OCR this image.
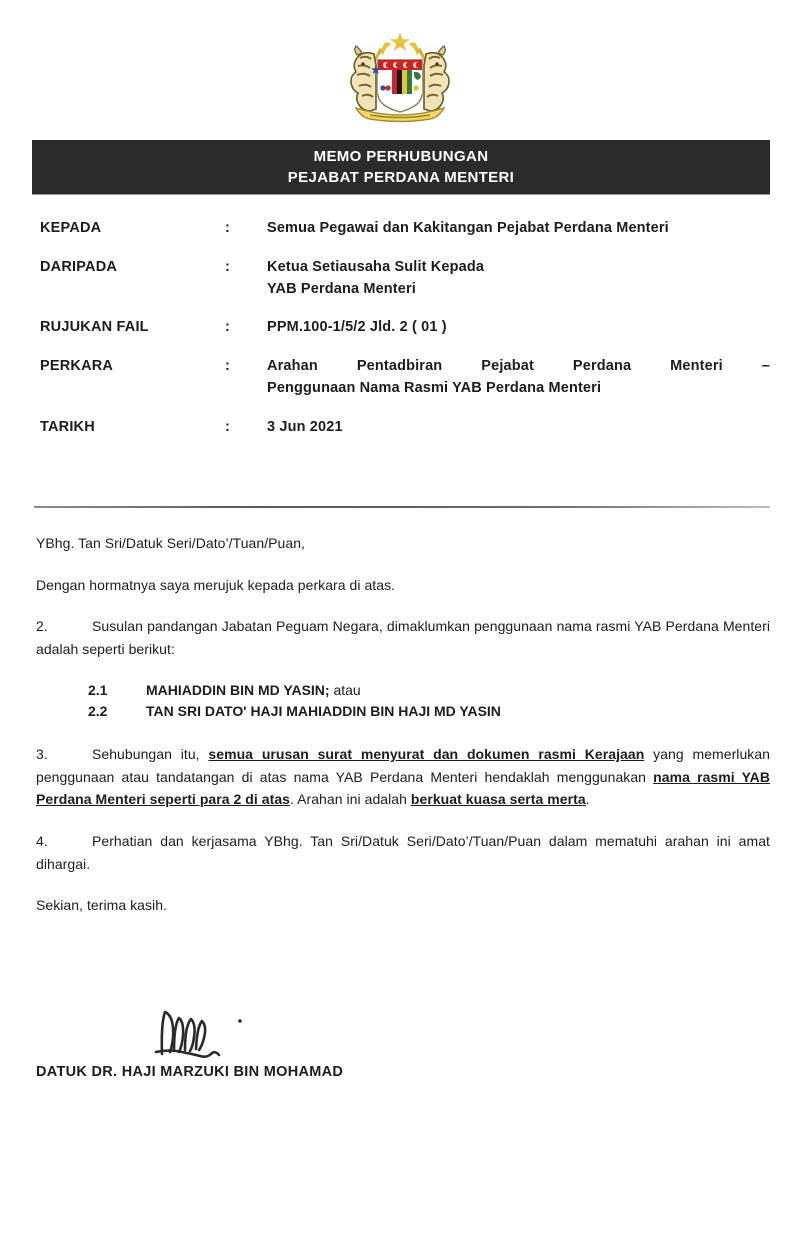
MEMO PERHUBUNGAN
PEJABAT PERDANA MENTERI
KEPADA	:	Semua Pegawai dan Kakitangan Pejabat Perdana Menteri
DARIPADA	:	Ketua Setiausaha Sulit Kepada
YAB Perdana Menteri
RUJUKAN FAIL	:	PPM.100-1/5/2 Jld. 2 ( 01 )
PERKARA	:	Arahan Pentadbiran Pejabat Perdana Menteri –
Penggunaan Nama Rasmi YAB Perdana Menteri
TARIKH	:	3 Jun 2021

YBhg. Tan Sri/Datuk Seri/Dato’/Tuan/Puan,

Dengan hormatnya saya merujuk kepada perkara di atas.

2.	Susulan pandangan Jabatan Peguam Negara, dimaklumkan penggunaan nama rasmi YAB Perdana Menteri adalah seperti berikut:

2.1	MAHIADDIN BIN MD YASIN; atau
2.2	TAN SRI DATO' HAJI MAHIADDIN BIN HAJI MD YASIN

3.	Sehubungan itu, semua urusan surat menyurat dan dokumen rasmi Kerajaan yang memerlukan penggunaan atau tandatangan di atas nama YAB Perdana Menteri hendaklah menggunakan nama rasmi YAB Perdana Menteri seperti para 2 di atas. Arahan ini adalah berkuat kuasa serta merta.

4.	Perhatian dan kerjasama YBhg. Tan Sri/Datuk Seri/Dato’/Tuan/Puan dalam mematuhi arahan ini amat dihargai.

Sekian, terima kasih.

DATUK DR. HAJI MARZUKI BIN MOHAMAD
